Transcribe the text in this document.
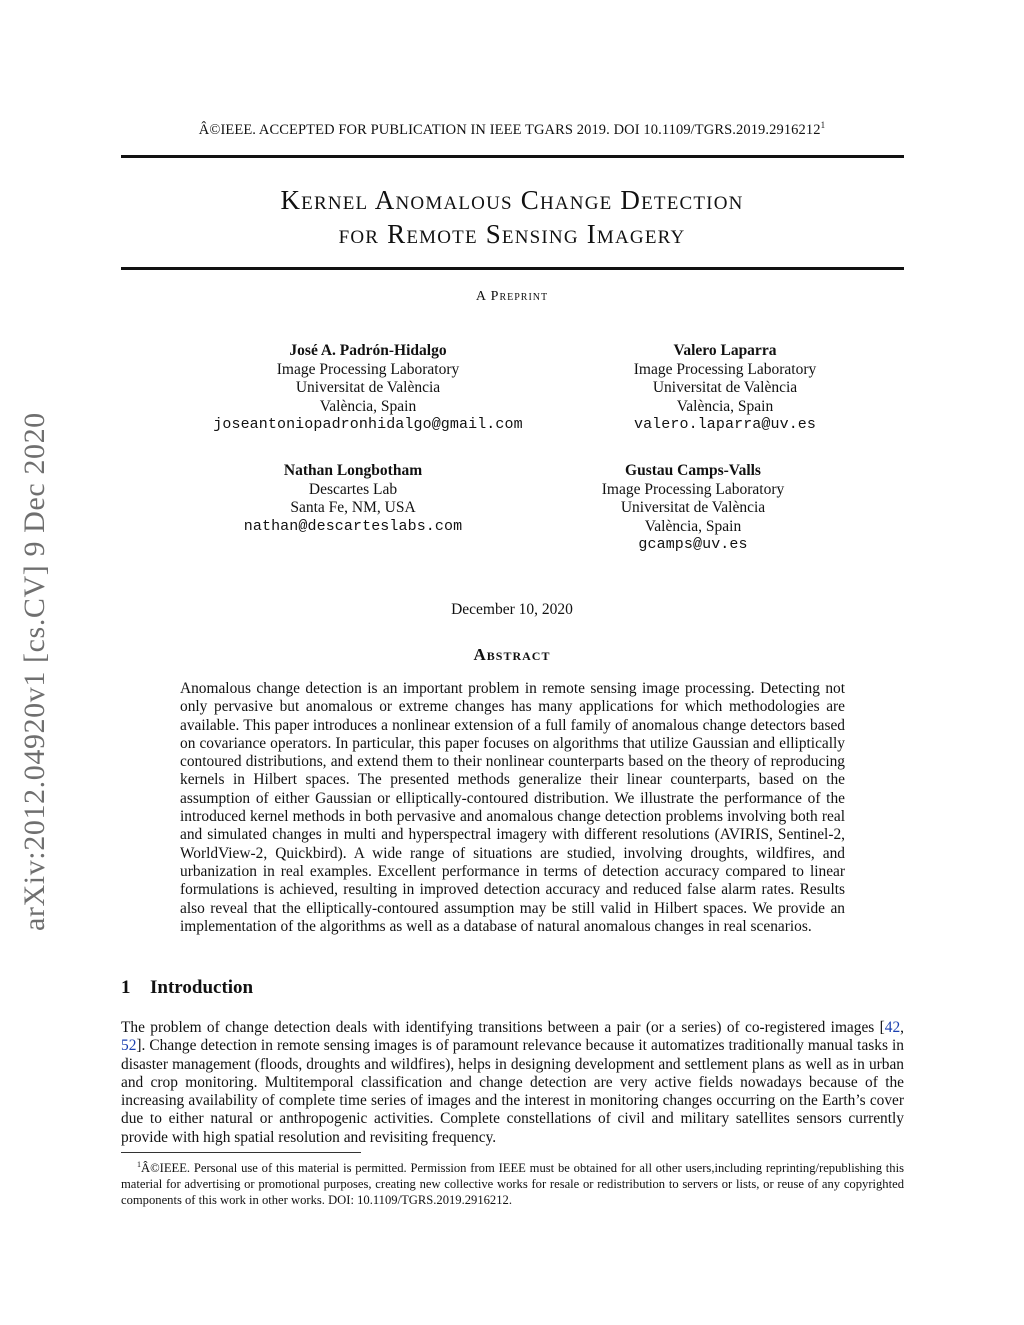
arXiv:2012.04920v1 [cs.CV] 9 Dec 2020
Â©IEEE. ACCEPTED FOR PUBLICATION IN IEEE TGARS 2019. DOI 10.1109/TGRS.2019.2916212$^1$
Kernel Anomalous Change Detection
for Remote Sensing Imagery
A Preprint
José A. Padrón-Hidalgo
Image Processing Laboratory
Universitat de València
València, Spain
joseantoniopadronhidalgo@gmail.com
Valero Laparra
Image Processing Laboratory
Universitat de València
València, Spain
valero.laparra@uv.es
Nathan Longbotham
Descartes Lab
Santa Fe, NM, USA
nathan@descarteslabs.com
Gustau Camps-Valls
Image Processing Laboratory
Universitat de València
València, Spain
gcamps@uv.es
December 10, 2020
Abstract

Anomalous change detection is an important problem in remote sensing image processing. Detecting not only pervasive but anomalous or extreme changes has many applications for which methodologies are available. This paper introduces a nonlinear extension of a full family of anomalous change detectors based on covariance operators. In particular, this paper focuses on algorithms that utilize Gaussian and elliptically contoured distributions, and extend them to their nonlinear counterparts based on the theory of reproducing kernels in Hilbert spaces. The presented methods generalize their linear counterparts, based on the assumption of either Gaussian or elliptically-contoured distribution. We illustrate the performance of the introduced kernel methods in both pervasive and anomalous change detection problems involving both real and simulated changes in multi and hyperspectral imagery with different resolutions (AVIRIS, Sentinel-2, WorldView-2, Quickbird). A wide range of situations are studied, involving droughts, wildfires, and urbanization in real examples. Excellent performance in terms of detection accuracy compared to linear formulations is achieved, resulting in improved detection accuracy and reduced false alarm rates. Results also reveal that the elliptically-contoured assumption may be still valid in Hilbert spaces. We provide an implementation of the algorithms as well as a database of natural anomalous changes in real scenarios.

1 Introduction

The problem of change detection deals with identifying transitions between a pair (or a series) of co-registered images [42, 52]. Change detection in remote sensing images is of paramount relevance because it automatizes traditionally manual tasks in disaster management (floods, droughts and wildfires), helps in designing development and settlement plans as well as in urban and crop monitoring. Multitemporal classification and change detection are very active fields nowadays because of the increasing availability of complete time series of images and the interest in monitoring changes occurring on the Earth’s cover due to either natural or anthropogenic activities. Complete constellations of civil and military satellites sensors currently provide with high spatial resolution and revisiting frequency.

$^1$Â©IEEE. Personal use of this material is permitted. Permission from IEEE must be obtained for all other users,including reprinting/republishing this material for advertising or promotional purposes, creating new collective works for resale or redistribution to servers or lists, or reuse of any copyrighted components of this work in other works. DOI: 10.1109/TGRS.2019.2916212.
